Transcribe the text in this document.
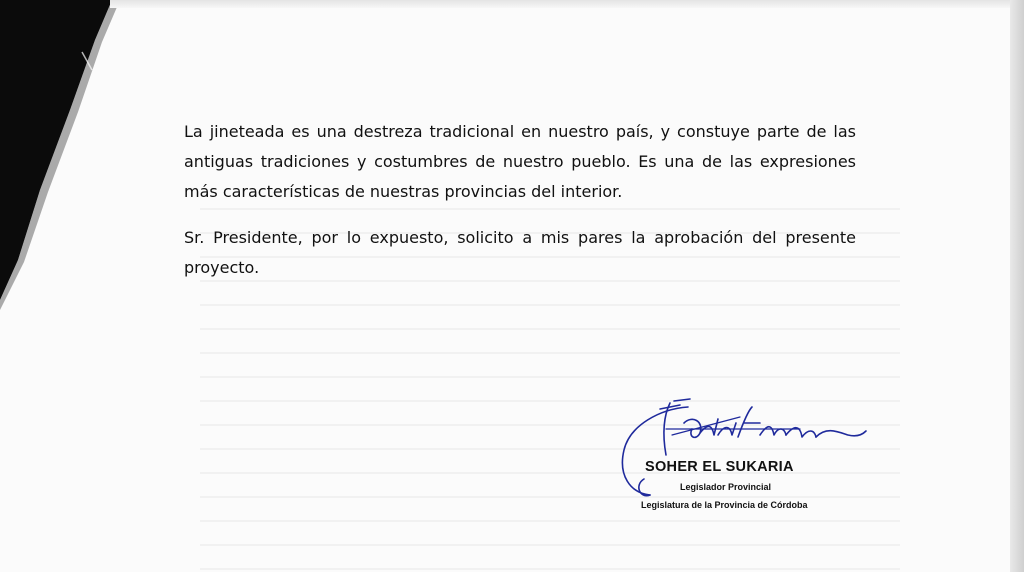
La jineteada es una destreza tradicional en nuestro país, y constuye parte de las antiguas tradiciones y costumbres de nuestro pueblo. Es una de las expresiones más características de nuestras provincias del interior.

Sr. Presidente, por lo expuesto, solicito a mis pares la aprobación del presente proyecto.

SOHER EL SUKARIA
Legislador Provincial
Legislatura de la Provincia de Córdoba
